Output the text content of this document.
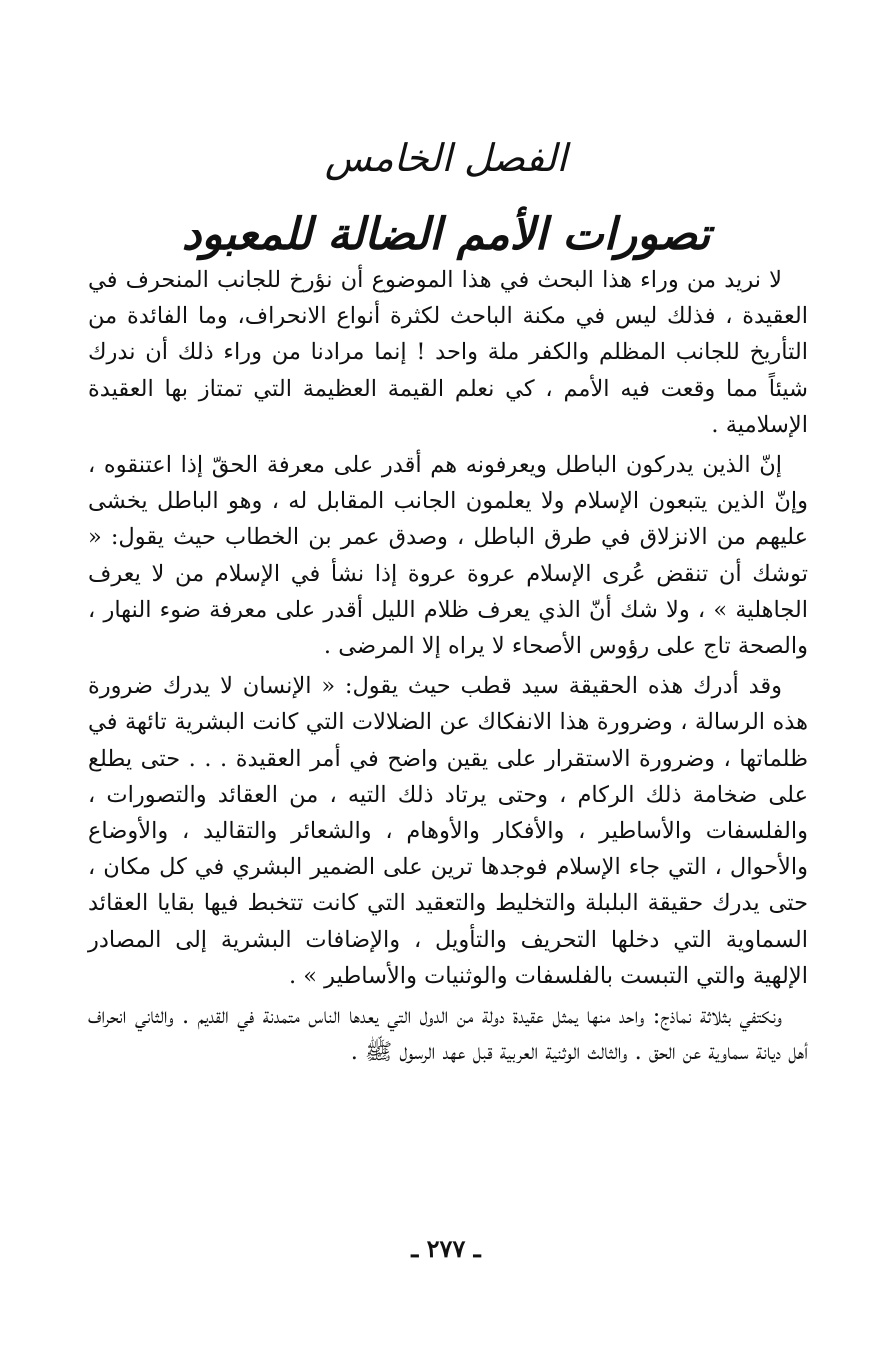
الفصل الخامس
تصورات الأمم الضالة للمعبود

لا نريد من وراء هذا البحث في هذا الموضوع أن نؤرخ للجانب المنحرف في العقيدة ، فذلك ليس في مكنة الباحث لكثرة أنواع الانحراف، وما الفائدة من التأريخ للجانب المظلم والكفر ملة واحد ! إنما مرادنا من وراء ذلك أن ندرك شيئاً مما وقعت فيه الأمم ، كي نعلم القيمة العظيمة التي تمتاز بها العقيدة الإسلامية .

إنّ الذين يدركون الباطل ويعرفونه هم أقدر على معرفة الحقّ إذا اعتنقوه ، وإنّ الذين يتبعون الإسلام ولا يعلمون الجانب المقابل له ، وهو الباطل يخشى عليهم من الانزلاق في طرق الباطل ، وصدق عمر بن الخطاب حيث يقول: « توشك أن تنقض عُرى الإسلام عروة عروة إذا نشأ في الإسلام من لا يعرف الجاهلية » ، ولا شك أنّ الذي يعرف ظلام الليل أقدر على معرفة ضوء النهار ، والصحة تاج على رؤوس الأصحاء لا يراه إلا المرضى .

وقد أدرك هذه الحقيقة سيد قطب حيث يقول: « الإنسان لا يدرك ضرورة هذه الرسالة ، وضرورة هذا الانفكاك عن الضلالات التي كانت البشرية تائهة في ظلماتها ، وضرورة الاستقرار على يقين واضح في أمر العقيدة . . . حتى يطلع على ضخامة ذلك الركام ، وحتى يرتاد ذلك التيه ، من العقائد والتصورات ، والفلسفات والأساطير ، والأفكار والأوهام ، والشعائر والتقاليد ، والأوضاع والأحوال ، التي جاء الإسلام فوجدها ترين على الضمير البشري في كل مكان ، حتى يدرك حقيقة البلبلة والتخليط والتعقيد التي كانت تتخبط فيها بقايا العقائد السماوية التي دخلها التحريف والتأويل ، والإضافات البشرية إلى المصادر الإلهية والتي التبست بالفلسفات والوثنيات والأساطير » .

ونكتفي بثلاثة نماذج: واحد منها يمثل عقيدة دولة من الدول التي يعدها الناس متمدنة في القديم . والثاني انحراف أهل ديانة سماوية عن الحق . والثالث الوثنية العربية قبل عهد الرسول ﷺ .

ـ ٢٧٧ ـ
